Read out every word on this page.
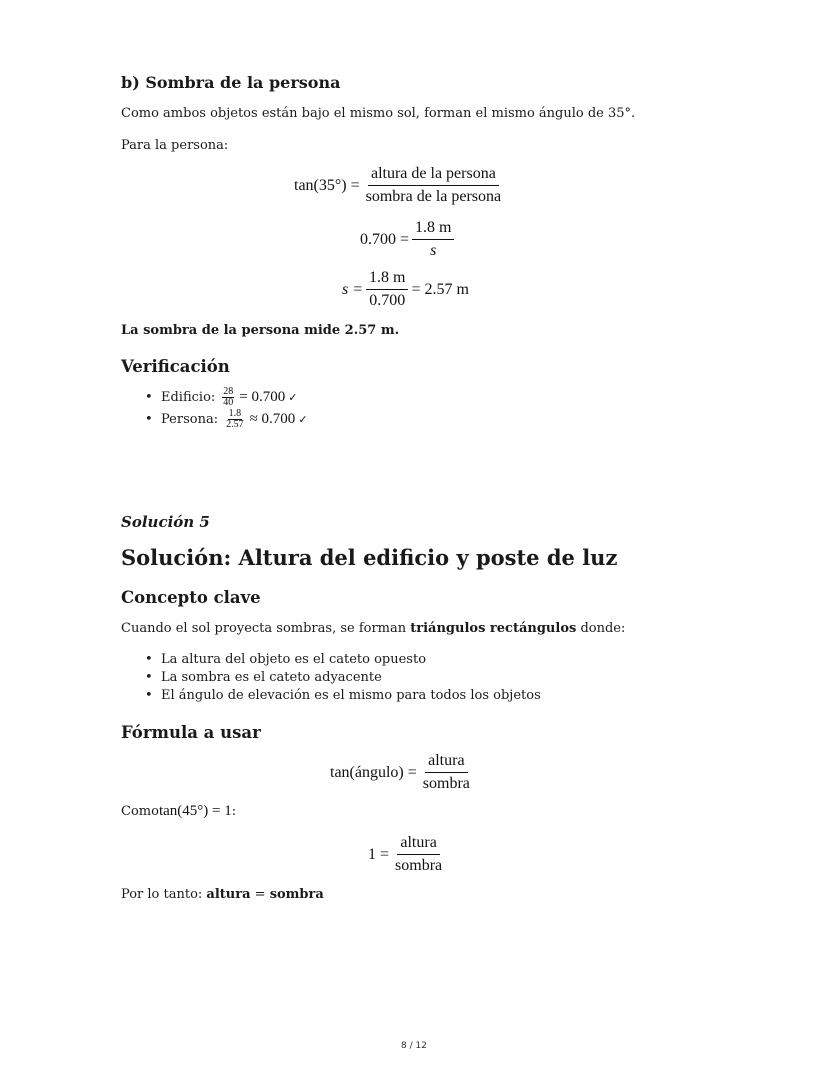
b) Sombra de la persona
Como ambos objetos están bajo el mismo sol, forman el mismo ángulo de 35°.
Para la persona:
$\tan(35^\circ) = \frac{\text{altura de la persona}}{\text{sombra de la persona}}$
$0.700 = \frac{1.8 m}{s}$
$s = \frac{1.8 m}{0.700} = 2.57$ m
La sombra de la persona mide 2.57 m.
Verificación
• Edificio: $\frac{28}{40} = 0.700$ ✓
• Persona: $\frac{1.8}{2.57} \approx 0.700$ ✓
Solución 5
Solución: Altura del edificio y poste de luz
Concepto clave
Cuando el sol proyecta sombras, se forman triángulos rectángulos donde:
• La altura del objeto es el cateto opuesto
• La sombra es el cateto adyacente
• El ángulo de elevación es el mismo para todos los objetos
Fórmula a usar
tan(ángulo) = $\frac{\text{altura}}{\text{sombra}}$
Como tan(45°) = 1 :
$1 = \frac{\text{altura}}{\text{sombra}}$
Por lo tanto: altura = sombra
8 / 12
